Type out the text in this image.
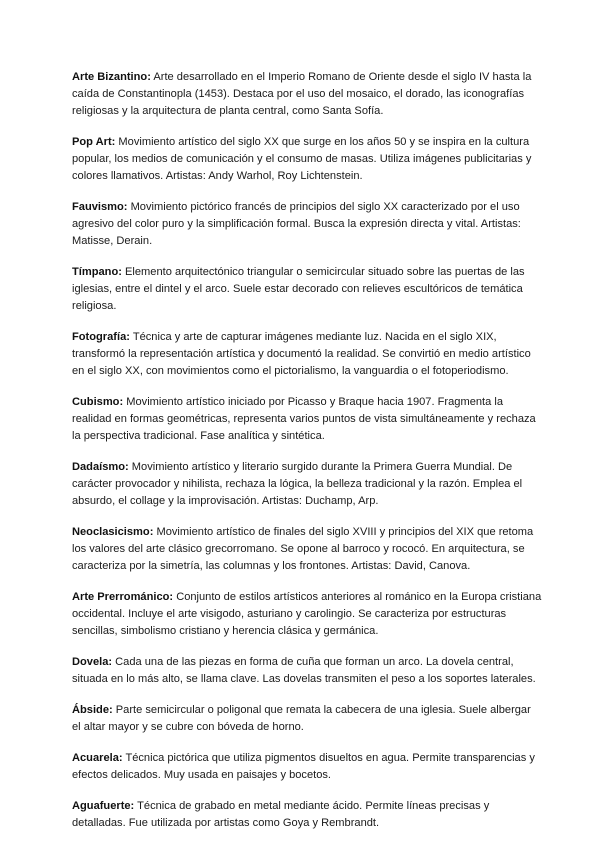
Arte Bizantino: Arte desarrollado en el Imperio Romano de Oriente desde el siglo IV hasta la caída de Constantinopla (1453). Destaca por el uso del mosaico, el dorado, las iconografías religiosas y la arquitectura de planta central, como Santa Sofía.

Pop Art: Movimiento artístico del siglo XX que surge en los años 50 y se inspira en la cultura popular, los medios de comunicación y el consumo de masas. Utiliza imágenes publicitarias y colores llamativos. Artistas: Andy Warhol, Roy Lichtenstein.

Fauvismo: Movimiento pictórico francés de principios del siglo XX caracterizado por el uso agresivo del color puro y la simplificación formal. Busca la expresión directa y vital. Artistas: Matisse, Derain.

Tímpano: Elemento arquitectónico triangular o semicircular situado sobre las puertas de las iglesias, entre el dintel y el arco. Suele estar decorado con relieves escultóricos de temática religiosa.

Fotografía: Técnica y arte de capturar imágenes mediante luz. Nacida en el siglo XIX, transformó la representación artística y documentó la realidad. Se convirtió en medio artístico en el siglo XX, con movimientos como el pictorialismo, la vanguardia o el fotoperiodismo.

Cubismo: Movimiento artístico iniciado por Picasso y Braque hacia 1907. Fragmenta la realidad en formas geométricas, representa varios puntos de vista simultáneamente y rechaza la perspectiva tradicional. Fase analítica y sintética.

Dadaísmo: Movimiento artístico y literario surgido durante la Primera Guerra Mundial. De carácter provocador y nihilista, rechaza la lógica, la belleza tradicional y la razón. Emplea el absurdo, el collage y la improvisación. Artistas: Duchamp, Arp.

Neoclasicismo: Movimiento artístico de finales del siglo XVIII y principios del XIX que retoma los valores del arte clásico grecorromano. Se opone al barroco y rococó. En arquitectura, se caracteriza por la simetría, las columnas y los frontones. Artistas: David, Canova.

Arte Prerrománico: Conjunto de estilos artísticos anteriores al románico en la Europa cristiana occidental. Incluye el arte visigodo, asturiano y carolingio. Se caracteriza por estructuras sencillas, simbolismo cristiano y herencia clásica y germánica.

Dovela: Cada una de las piezas en forma de cuña que forman un arco. La dovela central, situada en lo más alto, se llama clave. Las dovelas transmiten el peso a los soportes laterales.

Ábside: Parte semicircular o poligonal que remata la cabecera de una iglesia. Suele albergar el altar mayor y se cubre con bóveda de horno.

Acuarela: Técnica pictórica que utiliza pigmentos disueltos en agua. Permite transparencias y efectos delicados. Muy usada en paisajes y bocetos.

Aguafuerte: Técnica de grabado en metal mediante ácido. Permite líneas precisas y detalladas. Fue utilizada por artistas como Goya y Rembrandt.
